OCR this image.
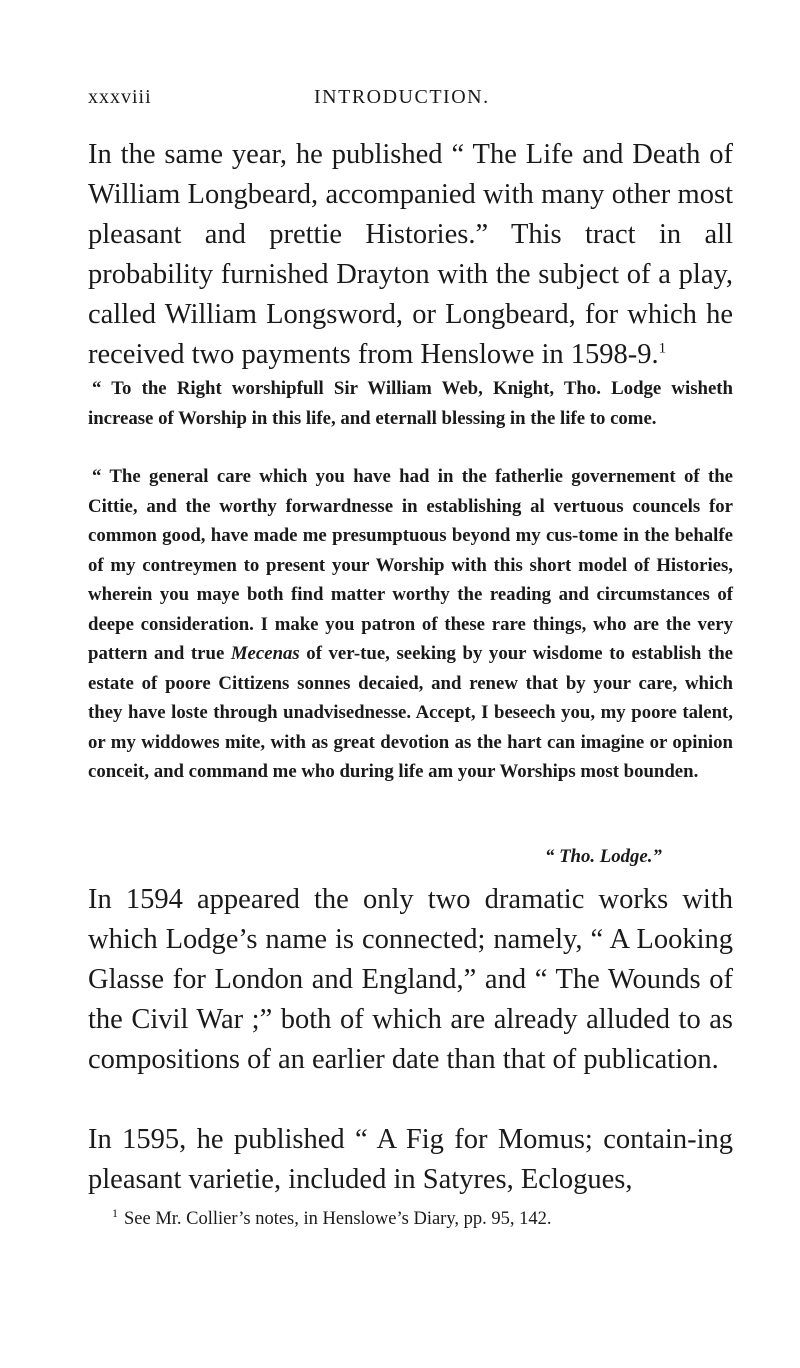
xxxviii	INTRODUCTION.

In the same year, he published “ The Life and Death of William Longbeard, accompanied with many other most pleasant and prettie Histories.” This tract in all probability furnished Drayton with the subject of a play, called William Longsword, or Longbeard, for which he received two payments from Henslowe in 1598-9.$^1$

“ To the Right worshipfull Sir William Web, Knight, Tho. Lodge wisheth increase of Worship in this life, and eternall blessing in the life to come.

“ The general care which you have had in the fatherlie governement of the Cittie, and the worthy forwardnesse in establishing al vertuous councels for common good, have made me presumptuous beyond my cus-tome in the behalfe of my contreymen to present your Worship with this short model of Histories, wherein you maye both find matter worthy the reading and circumstances of deepe consideration. I make you patron of these rare things, who are the very pattern and true Mecenas of ver-tue, seeking by your wisdome to establish the estate of poore Cittizens sonnes decaied, and renew that by your care, which they have loste through unadvisednesse. Accept, I beseech you, my poore talent, or my widdowes mite, with as great devotion as the hart can imagine or opinion conceit, and command me who during life am your Worships most bounden.

“ Tho. Lodge.”

In 1594 appeared the only two dramatic works with which Lodge’s name is connected; namely, “ A Looking Glasse for London and England,” and “ The Wounds of the Civil War ;” both of which are already alluded to as compositions of an earlier date than that of publication.

In 1595, he published “ A Fig for Momus; contain-ing pleasant varietie, included in Satyres, Eclogues,

$^1$ See Mr. Collier’s notes, in Henslowe’s Diary, pp. 95, 142.
